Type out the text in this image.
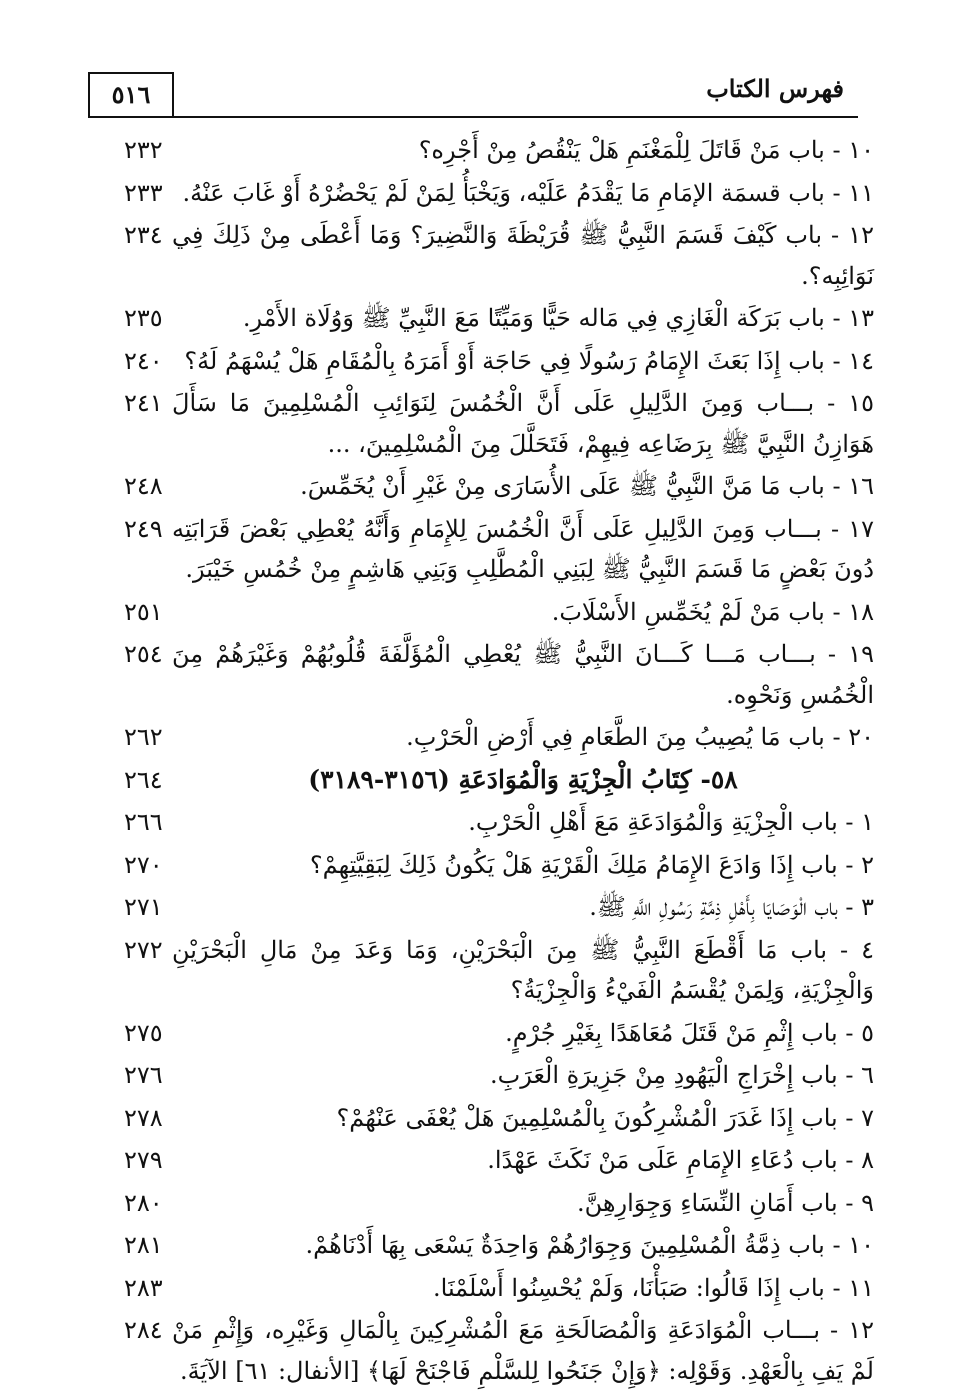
٥١٦	فهرس الكتاب
١٠ - باب مَنْ قَاتَلَ لِلْمَغْنَمِ هَلْ يَنْقُصُ مِنْ أَجْرِه؟
٢٣٢
١١ - باب قسمَة الإمَامِ مَا يَقْدَمُ عَلَيْه، وَيَخْبَأُ لِمَنْ لَمْ يَحْضُرْهُ أَوْ غَابَ عَنْهُ.
٢٣٣
١٢ - باب كَيْفَ قَسَمَ النَّبِيُّ ﷺ قُرَيْظَةَ وَالنَّضِيرَ؟ وَمَا أَعْطَى مِنْ ذَلِكَ فِي نَوَائِبِه؟.
٢٣٤
١٣ - باب بَرَكَة الْغَازِي فِي مَاله حَيًّا وَمَيِّتًا مَعَ النَّبِيِّ ﷺ وَوُلَاة الأَمْرِ.
٢٣٥
١٤ - باب إِذَا بَعَثَ الإِمَامُ رَسُولًا فِي حَاجَة أَوْ أَمَرَهُ بِالْمُقَامِ هَلْ يُسْهَمُ لَهُ؟
٢٤٠
١٥ - بـــاب وَمِنَ الدَّلِيلِ عَلَى أَنَّ الْخُمُسَ لِنَوَائِبِ الْمُسْلِمِينَ مَا سَأَلَ هَوَازِنُ النَّبِيَّ ﷺ بِرَضَاعِه فِيهِمْ، فَتَحَلَّلَ مِنَ الْمُسْلِمِينَ، ...
٢٤١
١٦ - باب مَا مَنَّ النَّبِيُّ ﷺ عَلَى الأُسَارَى مِنْ غَيْرِ أَنْ يُخَمِّسَ.
٢٤٨
١٧ - بـــاب وَمِنَ الدَّلِيلِ عَلَى أَنَّ الْخُمُسَ لِلإِمَامِ وَأَنَّهُ يُعْطِي بَعْضَ قَرَابَتِه دُونَ بَعْضٍ مَا قَسَمَ النَّبِيُّ ﷺ لِبَنِي الْمُطَّلِبِ وَبَنِي هَاشِمٍ مِنْ خُمُسِ خَيْبَرَ.
٢٤٩
١٨ - باب مَنْ لَمْ يُخَمِّسِ الأَسْلَابَ.
٢٥١
١٩ - بـــاب مَـــا كَـــانَ النَّبِيُّ ﷺ يُعْطِي الْمُؤَلَّفَةَ قُلُوبُهُمْ وَغَيْرَهُمْ مِنَ الْخُمُسِ وَنَحْوِه.
٢٥٤
٢٠ - باب مَا يُصِيبُ مِنَ الطَّعَامِ فِي أَرْضِ الْحَرْبِ.
٢٦٢
٥٨- كِتَابُ الْجِزْيَةِ وَالْمُوَادَعَةِ (٣١٥٦-٣١٨٩)
٢٦٤
١ - باب الْجِزْيَةِ وَالْمُوَادَعَةِ مَعَ أَهْلِ الْحَرْبِ.
٢٦٦
٢ - باب إِذَا وَادَعَ الإِمَامُ مَلِكَ الْقَرْيَةِ هَلْ يَكُونُ ذَلِكَ لِبَقِيَّتِهِمْ؟
٢٧٠
٣ - باب الْوَصَايَا بِأَهْلِ ذِمَّةِ رَسُولِ اللَّهِ ﷺ.
٢٧١
٤ - باب مَا أَقْطَعَ النَّبِيُّ ﷺ مِنَ الْبَحْرَيْنِ، وَمَا وَعَدَ مِنْ مَالِ الْبَحْرَيْنِ وَالْجِزْيَةِ، وَلِمَنْ يُقْسَمُ الْفَيْءُ وَالْجِزْيَةُ؟
٢٧٢
٥ - باب إِثْمِ مَنْ قَتَلَ مُعَاهَدًا بِغَيْرِ جُرْمٍ.
٢٧٥
٦ - باب إِخْرَاجِ الْيَهُودِ مِنْ جَزِيرَةِ الْعَرَبِ.
٢٧٦
٧ - باب إِذَا غَدَرَ الْمُشْرِكُونَ بِالْمُسْلِمِينَ هَلْ يُعْفَى عَنْهُمْ؟
٢٧٨
٨ - باب دُعَاءِ الإِمَامِ عَلَى مَنْ نَكَثَ عَهْدًا.
٢٧٩
٩ - باب أَمَانِ النِّسَاءِ وَجِوَارِهِنَّ.
٢٨٠
١٠ - باب ذِمَّةُ الْمُسْلِمِينَ وَجِوَارُهُمْ وَاحِدَةٌ يَسْعَى بِهَا أَدْنَاهُمْ.
٢٨١
١١ - باب إِذَا قَالُوا: صَبَأْنَا، وَلَمْ يُحْسِنُوا أَسْلَمْنَا.
٢٨٣
١٢ - بـــاب الْمُوَادَعَةِ وَالْمُصَالَحَةِ مَعَ الْمُشْرِكِينَ بِالْمَالِ وَغَيْرِه، وَإِثْمِ مَنْ لَمْ يَفِ بِالْعَهْدِ. وَقَوْلِه: ﴿وَإِنْ جَنَحُوا لِلسَّلْمِ فَاجْنَحْ لَهَا﴾ [الأنفال: ٦١] الآيَةَ.
٢٨٤
